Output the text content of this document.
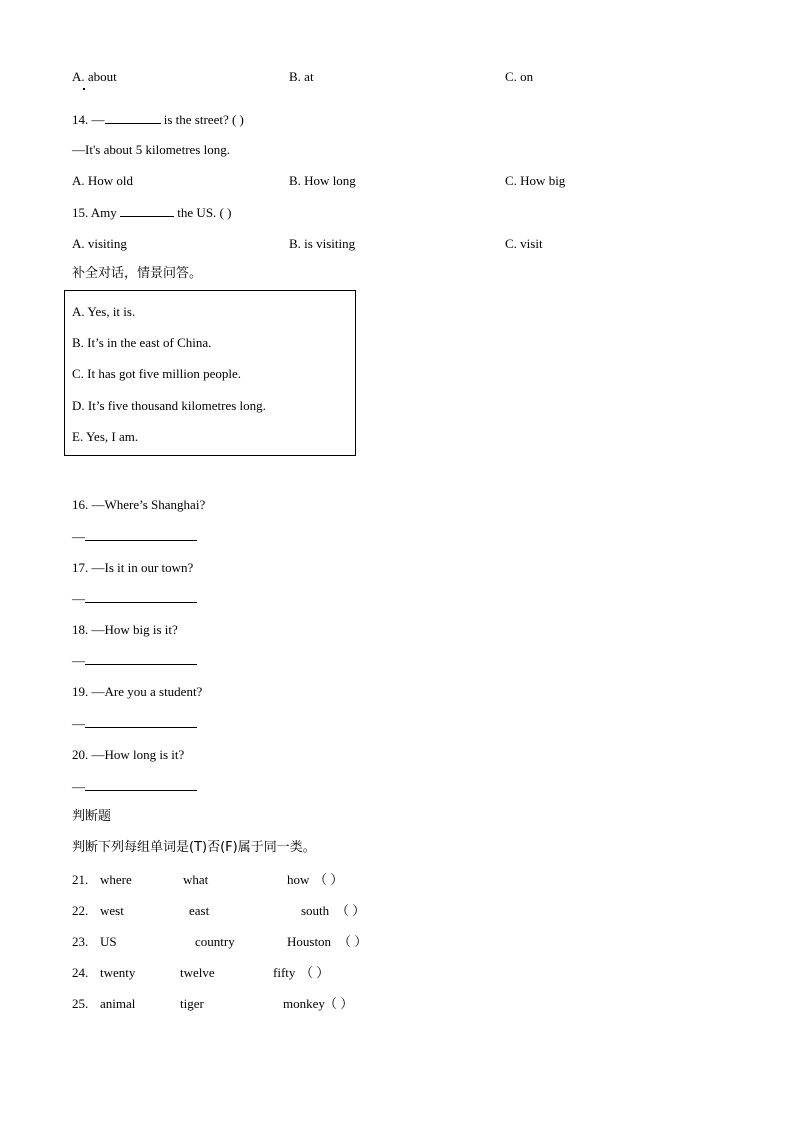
A. about	B. at	C. on
14. —	is the street? ( )
—It's about 5 kilometres long.
A. How old	B. How long	C. How big
15. Amy	the US. ( )
A. visiting	B. is visiting	C. visit
补全对话，情景问答。
A. Yes, it is.
B. It’s in the east of China.
C. It has got five million people.
D. It’s five thousand kilometres long.
E. Yes, I am.
16. —Where’s Shanghai?
—
17. —Is it in our town?
—
18. —How big is it?
—
19. —Are you a student?
—
20. —How long is it?
—
判断题
判断下列每组单词是(T)否(F)属于同一类。
21. where	what	how （ ）
22. west	east	south （ ）
23. US	country	Houston （ ）
24. twenty	twelve	fifty （ ）
25. animal	tiger	monkey （ ）
